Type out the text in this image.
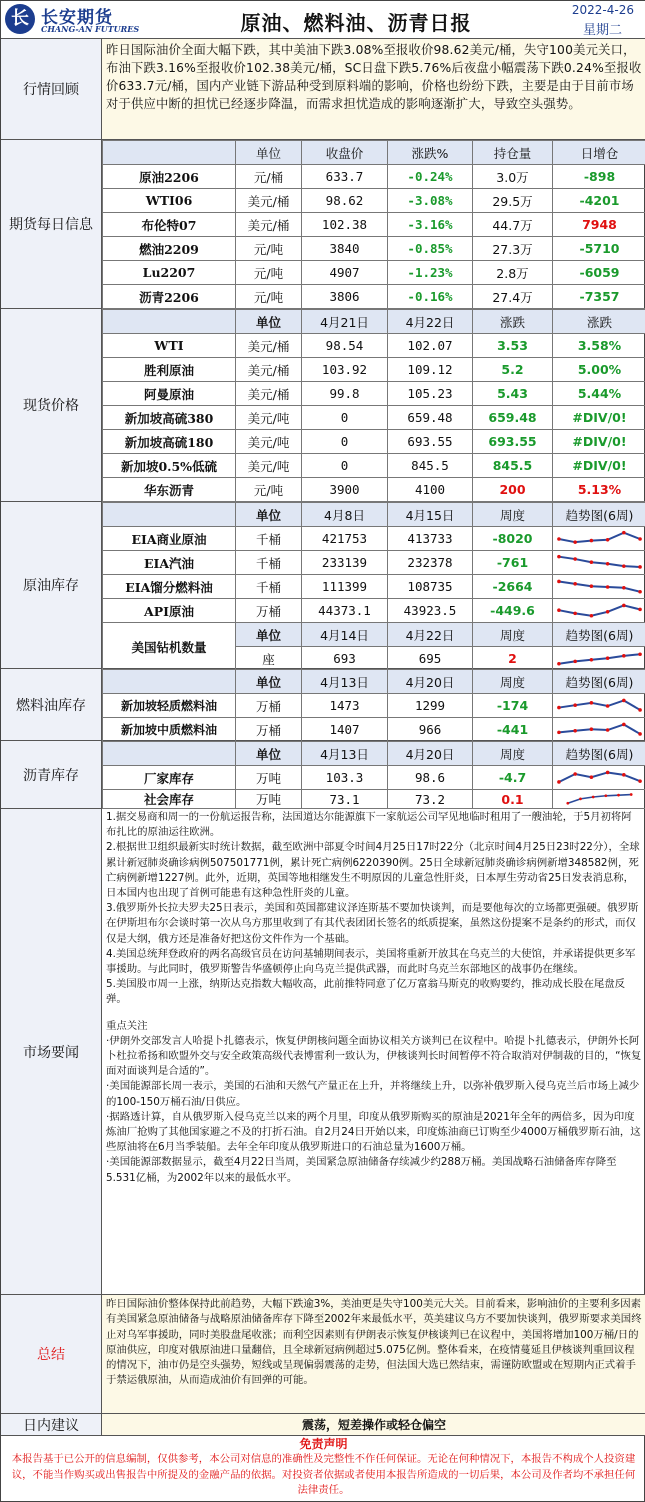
长 长安期货
CHANG-AN FUTURES	原油、燃料油、沥青日报
2022-4-26
星期二
行情回顾
昨日国际油价全面大幅下跌，其中美油下跌3.08%至报收价98.62美元/桶，失守100美元关口，布油下跌3.16%至报收价102.38美元/桶，SC日盘下跌5.76%后夜盘小幅震荡下跌0.24%至报收价633.7元/桶，国内产业链下游品种受到原料端的影响，价格也纷纷下跌，主要是由于目前市场对于供应中断的担忧已经逐步降温，而需求担忧造成的影响逐渐扩大，导致空头强势。
期货每日信息
	单位	收盘价	涨跌%	持仓量	日增仓
原油2206	元/桶	633.7	-0.24%	3.0万	-898
WTI06	美元/桶	98.62	-3.08%	29.5万	-4201
布伦特07	美元/桶	102.38	-3.16%	44.7万	7948
燃油2209	元/吨	3840	-0.85%	27.3万	-5710
Lu2207	元/吨	4907	-1.23%	2.8万	-6059
沥青2206	元/吨	3806	-0.16%	27.4万	-7357
现货价格
	单位	4月21日	4月22日	涨跌	涨跌
WTI	美元/桶	98.54	102.07	3.53	3.58%
胜利原油	美元/桶	103.92	109.12	5.2	5.00%
阿曼原油	美元/桶	99.8	105.23	5.43	5.44%
新加坡高硫380	美元/吨	0	659.48	659.48	#DIV/0!
新加坡高硫180	美元/吨	0	693.55	693.55	#DIV/0!
新加坡0.5%低硫	美元/吨	0	845.5	845.5	#DIV/0!
华东沥青	元/吨	3900	4100	200	5.13%
原油库存
	单位	4月8日	4月15日	周度	趋势图(6周)
EIA商业原油	千桶	421753	413733	-8020	

EIA汽油	千桶	233139	232378	-761	

EIA馏分燃料油	千桶	111399	108735	-2664	

API原油	万桶	44373.1	43923.5	-449.6	

美国钻机数量	单位	4月14日	4月22日	周度	趋势图(6周)
	座	693	695	2	
燃料油库存
	单位	4月13日	4月20日	周度	趋势图(6周)
新加坡轻质燃料油	万桶	1473	1299	-174	

新加坡中质燃料油	万桶	1407	966	-441	
沥青库存
	单位	4月13日	4月20日	周度	趋势图(6周)
厂家库存	万吨	103.3	98.6	-4.7	

社会库存	万吨	73.1	73.2	0.1	
市场要闻

1.据交易商和周一的一份航运报告称，法国道达尔能源旗下一家航运公司罕见地临时租用了一艘油轮，于5月初将阿布扎比的原油运往欧洲。

2.根据世卫组织最新实时统计数据，截至欧洲中部夏令时间4月25日17时22分（北京时间4月25日23时22分），全球累计新冠肺炎确诊病例507501771例，累计死亡病例6220390例。25日全球新冠肺炎确诊病例新增348582例，死亡病例新增1227例。此外，近期，英国等地相继发生不明原因的儿童急性肝炎，日本厚生劳动省25日发表消息称，日本国内也出现了首例可能患有这种急性肝炎的儿童。

3.俄罗斯外长拉夫罗夫25日表示，美国和英国都建议泽连斯基不要加快谈判，而是要他每次的立场都更强硬。俄罗斯在伊斯坦布尔会谈时第一次从乌方那里收到了有其代表团团长签名的纸质提案，虽然这份提案不是条约的形式，而仅仅是大纲，俄方还是准备好把这份文件作为一个基础。

4.美国总统拜登政府的两名高级官员在访问基辅期间表示，美国将重新开放其在乌克兰的大使馆，并承诺提供更多军事援助。与此同时，俄罗斯警告华盛顿停止向乌克兰提供武器，而此时乌克兰东部地区的战事仍在继续。

5.美国股市周一上涨，纳斯达克指数大幅收高，此前推特同意了亿万富翁马斯克的收购要约，推动成长股在尾盘反弹。

重点关注

·伊朗外交部发言人哈提卜扎德表示，恢复伊朗核问题全面协议相关方谈判已在议程中。哈提卜扎德表示，伊朗外长阿卜杜拉希扬和欧盟外交与安全政策高级代表博雷利一致认为，伊核谈判长时间暂停不符合取消对伊制裁的目的，“恢复面对面谈判是合适的”。

·美国能源部长周一表示，美国的石油和天然气产量正在上升，并将继续上升，以弥补俄罗斯入侵乌克兰后市场上减少的100-150万桶石油/日供应。

·据路透计算，自从俄罗斯入侵乌克兰以来的两个月里，印度从俄罗斯购买的原油是2021年全年的两倍多，因为印度炼油厂抢购了其他国家避之不及的打折石油。自2月24日开始以来，印度炼油商已订购至少4000万桶俄罗斯石油，这些原油将在6月当季装船。去年全年印度从俄罗斯进口的石油总量为1600万桶。

·美国能源部数据显示，截至4月22日当周，美国紧急原油储备存续减少约288万桶。美国战略石油储备库存降至5.531亿桶，为2002年以来的最低水平。

总结
昨日国际油价整体保持此前趋势，大幅下跌逾3%，美油更是失守100美元大关。目前看来，影响油价的主要利多因素有美国紧急原油储备与战略原油储备库存下降至2002年来最低水平，英美建议乌方不要加快谈判，俄罗斯要求美国终止对乌军事援助，同时美股盘尾收涨；而利空因素则有伊朗表示恢复伊核谈判已在议程中，美国将增加100万桶/日的原油供应，印度对俄原油进口量翻倍，且全球新冠病例超过5.075亿例。整体看来，在疫情蔓延且伊核谈判重回议程的情况下，油市仍是空头强势，短线或呈现偏弱震荡的走势，但法国大选已然结束，需谨防欧盟或在短期内正式着手于禁运俄原油，从而造成油价有回弹的可能。
日内建议	震荡，短差操作或轻仓偏空
免责声明
本报告基于已公开的信息编制，仅供参考，本公司对信息的准确性及完整性不作任何保证。无论在何种情况下，本报告不构成个人投资建议，不能当作购买或出售报告中所提及的金融产品的依据。对投资者依据或者使用本报告所造成的一切后果，本公司及作者均不承担任何法律责任。
